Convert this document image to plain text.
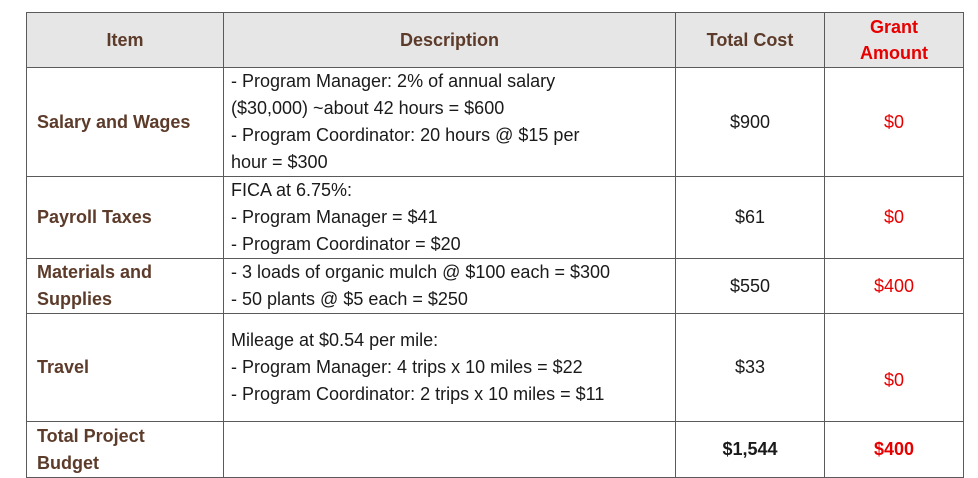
Item	Description	Total Cost	Grant
Amount

Salary and Wages	- Program Manager: 2% of annual salary
($30,000) ~about 42 hours = $600
- Program Coordinator: 20 hours @ $15 per
hour = $300	$900	$0
Payroll Taxes	FICA at 6.75%:
- Program Manager = $41
- Program Coordinator = $20	$61	$0

Materials and
Supplies	- 3 loads of organic mulch @ $100 each = $300
- 50 plants @ $5 each = $250	$550	$400
Travel	Mileage at $0.54 per mile:
- Program Manager: 4 trips x 10 miles = $22
- Program Coordinator: 2 trips x 10 miles = $11	$33	$0

Total Project
Budget		$1,544	$400
